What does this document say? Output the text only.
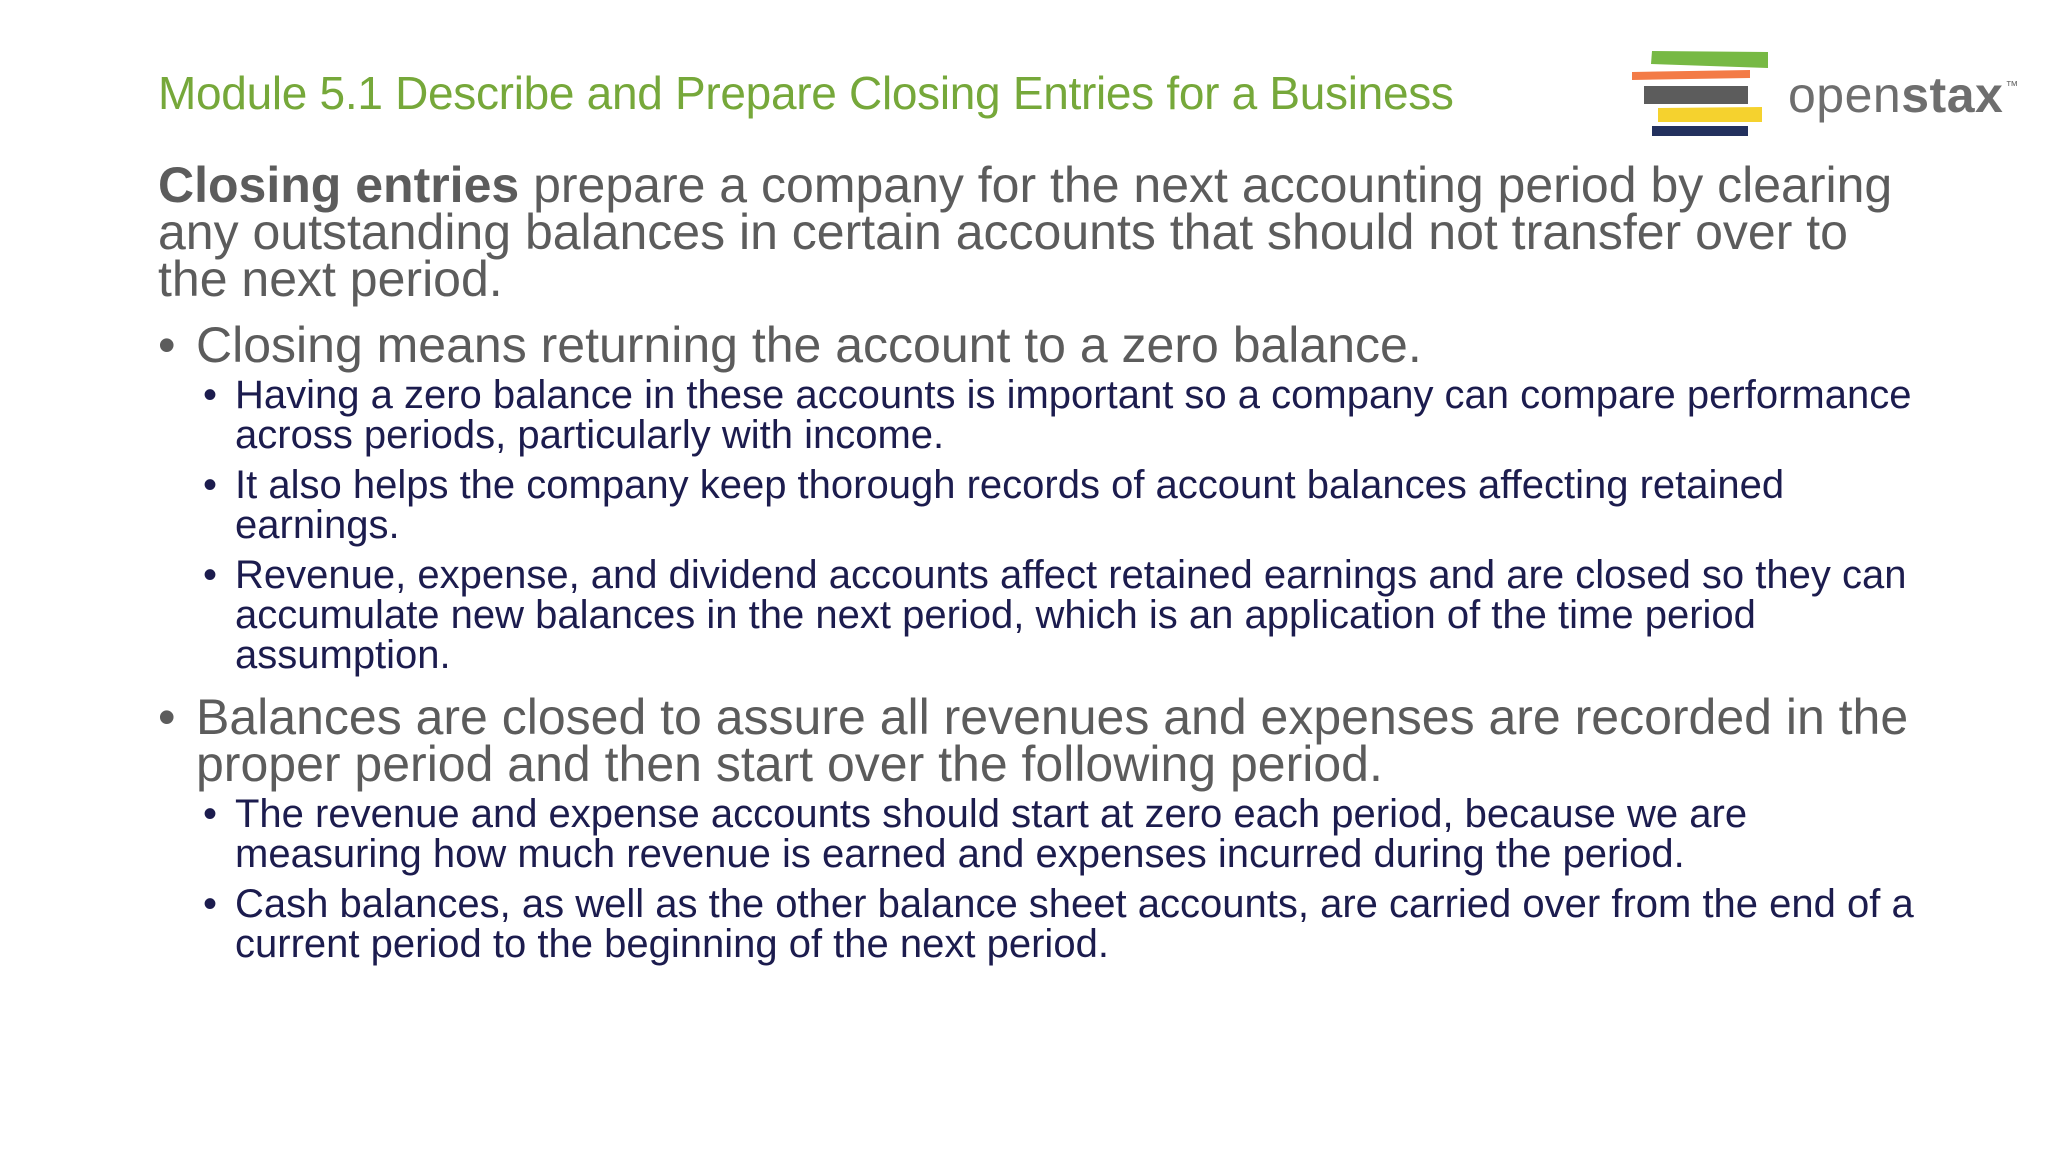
Module 5.1 Describe and Prepare Closing Entries for a Business	openstax ™

Closing entries prepare a company for the next accounting period by clearing any outstanding balances in certain accounts that should not transfer over to the next period.

• Closing means returning the account to a zero balance.
• Having a zero balance in these accounts is important so a company can compare performance across periods, particularly with income.
• It also helps the company keep thorough records of account balances affecting retained earnings.
• Revenue, expense, and dividend accounts affect retained earnings and are closed so they can accumulate new balances in the next period, which is an application of the time period assumption.
• Balances are closed to assure all revenues and expenses are recorded in the proper period and then start over the following period.
• The revenue and expense accounts should start at zero each period, because we are measuring how much revenue is earned and expenses incurred during the period.
• Cash balances, as well as the other balance sheet accounts, are carried over from the end of a current period to the beginning of the next period.
